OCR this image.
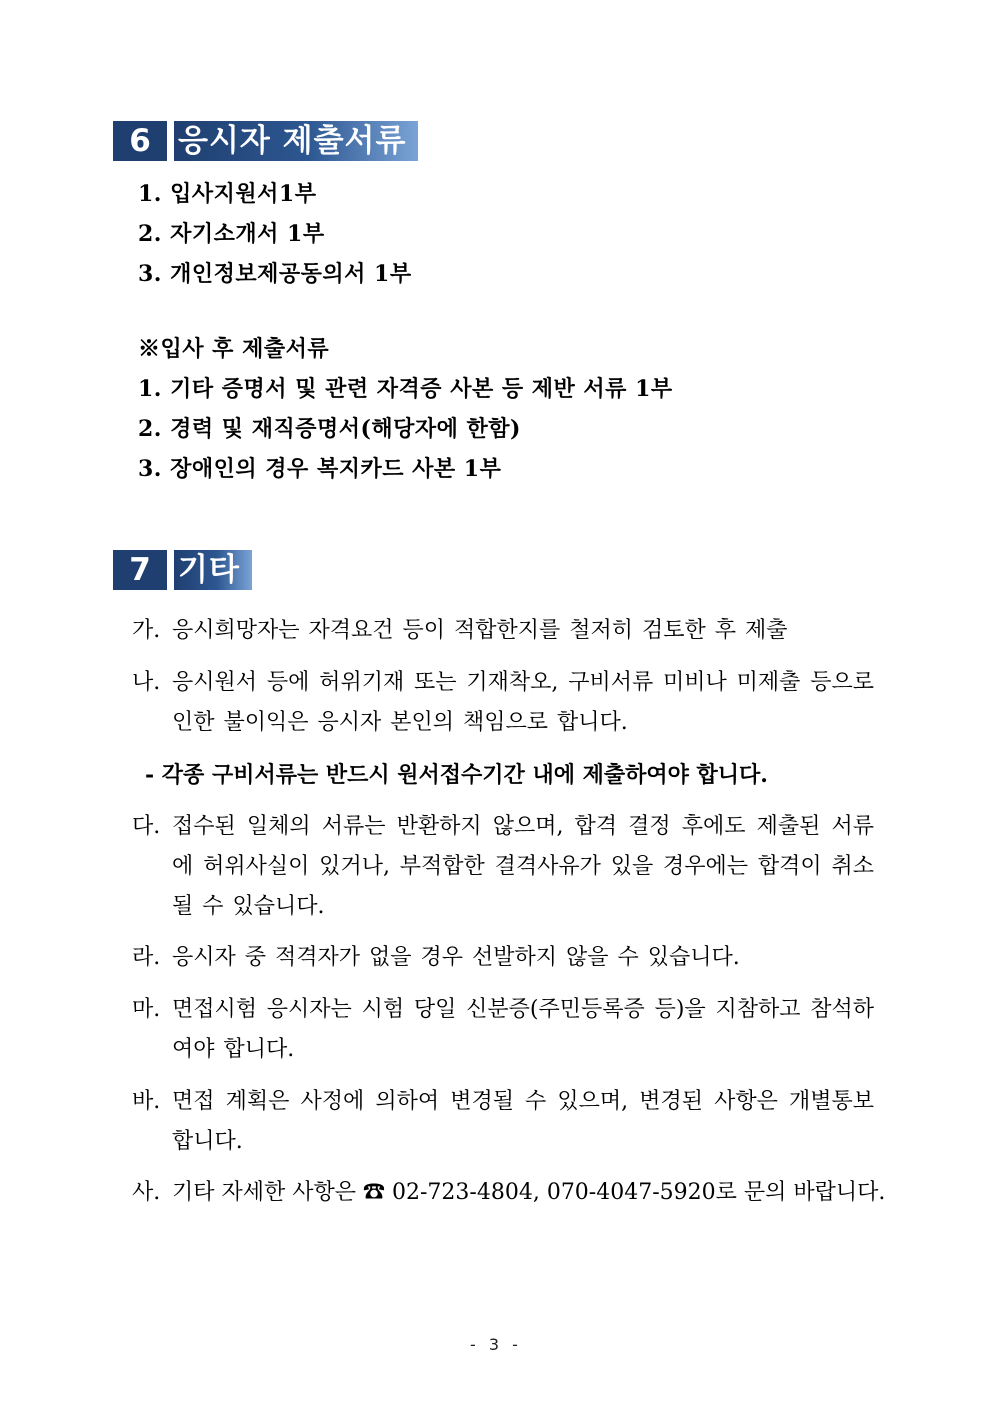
6 응시자 제출서류
1. 입사지원서1부
2. 자기소개서 1부
3. 개인정보제공동의서 1부
※입사 후 제출서류
1. 기타 증명서 및 관련 자격증 사본 등 제반 서류 1부
2. 경력 및 재직증명서(해당자에 한함)
3. 장애인의 경우 복지카드 사본 1부
7 기타
가. 응시희망자는 자격요건 등이 적합한지를 철저히 검토한 후 제출
나. 응시원서 등에 허위기재 또는 기재착오, 구비서류 미비나 미제출 등으로 인한 불이익은 응시자 본인의 책임으로 합니다.
- 각종 구비서류는 반드시 원서접수기간 내에 제출하여야 합니다.
다. 접수된 일체의 서류는 반환하지 않으며, 합격 결정 후에도 제출된 서류에 허위사실이 있거나, 부적합한 결격사유가 있을 경우에는 합격이 취소될 수 있습니다.
라. 응시자 중 적격자가 없을 경우 선발하지 않을 수 있습니다.
마. 면접시험 응시자는 시험 당일 신분증(주민등록증 등)을 지참하고 참석하여야 합니다.
바. 면접 계획은 사정에 의하여 변경될 수 있으며, 변경된 사항은 개별통보합니다.
사. 기타 자세한 사항은 ☎ 02-723-4804, 070-4047-5920로 문의 바랍니다.
- 3 -
